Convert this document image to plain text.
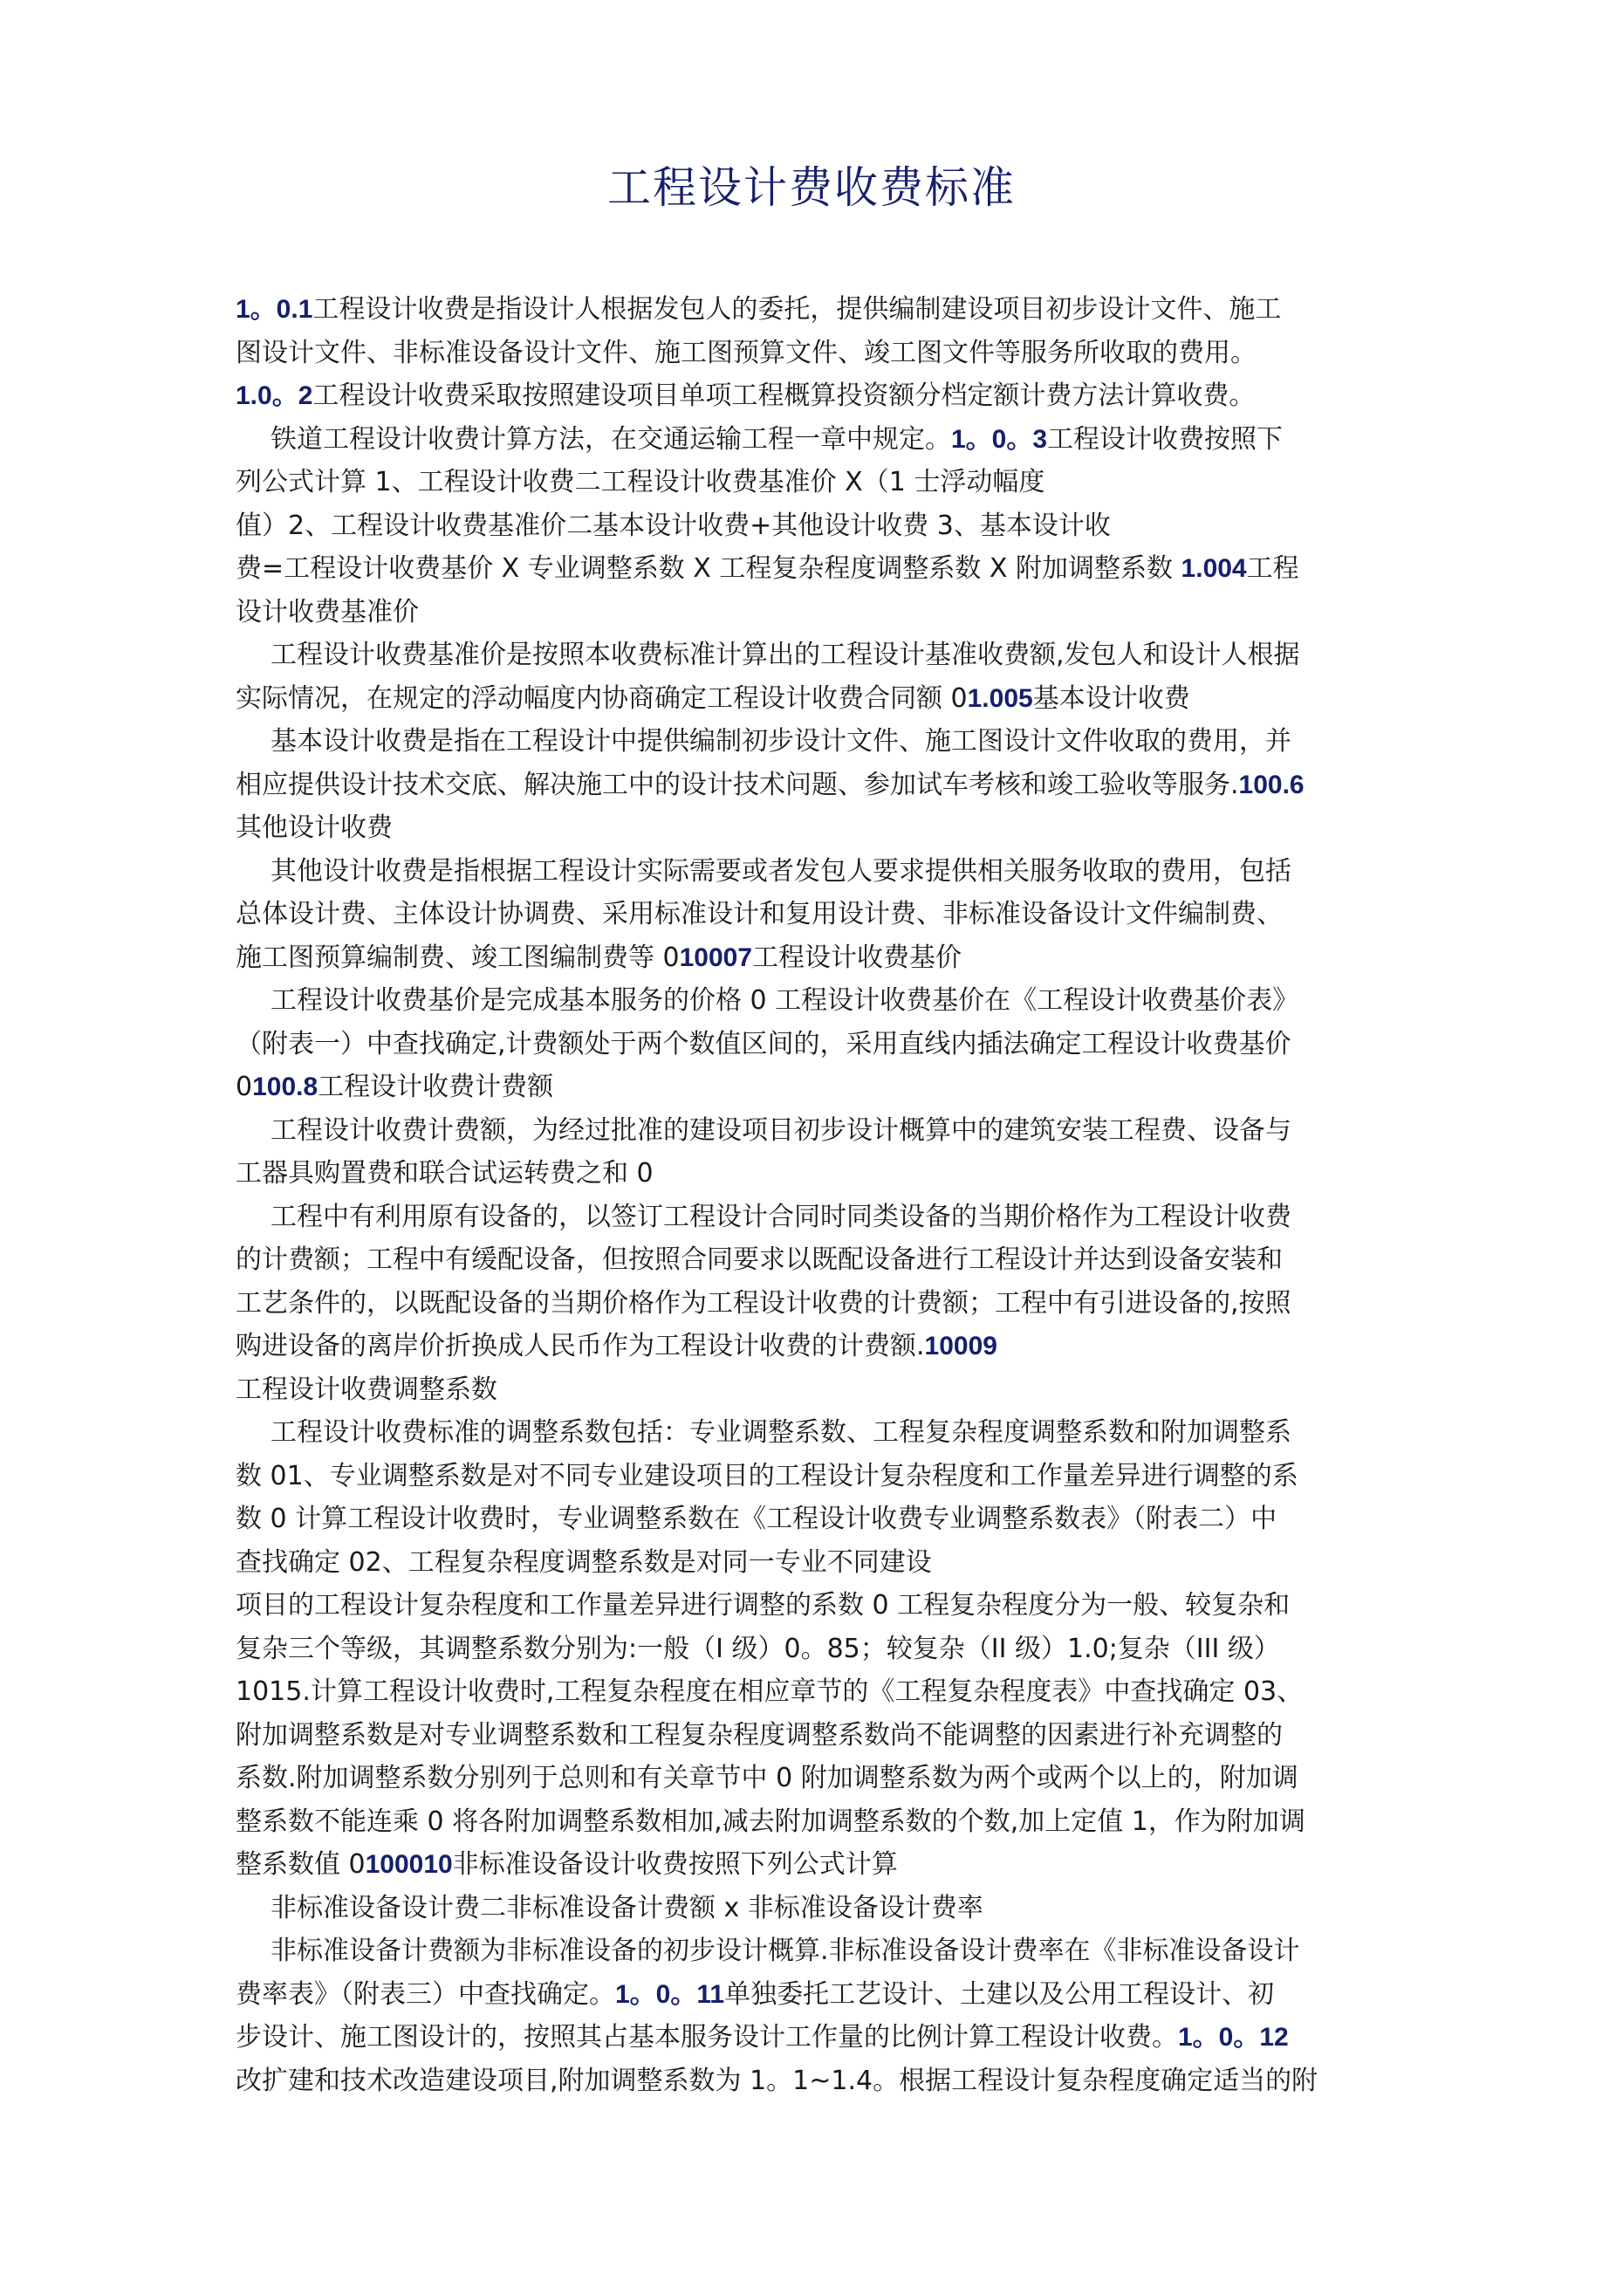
工程设计费收费标准
1。0.1工程设计收费是指设计人根据发包人的委托，提供编制建设项目初步设计文件、施工
图设计文件、非标准设备设计文件、施工图预算文件、竣工图文件等服务所收取的费用。
1.0。2工程设计收费采取按照建设项目单项工程概算投资额分档定额计费方法计算收费。
铁道工程设计收费计算方法，在交通运输工程一章中规定。1。0。3工程设计收费按照下
列公式计算 1、工程设计收费二工程设计收费基准价 X（1 士浮动幅度
值）2、工程设计收费基准价二基本设计收费+其他设计收费 3、基本设计收
费=工程设计收费基价 X 专业调整系数 X 工程复杂程度调整系数 X 附加调整系数 1.004工程
设计收费基准价
工程设计收费基准价是按照本收费标准计算出的工程设计基准收费额,发包人和设计人根据
实际情况，在规定的浮动幅度内协商确定工程设计收费合同额 01.005基本设计收费
基本设计收费是指在工程设计中提供编制初步设计文件、施工图设计文件收取的费用，并
相应提供设计技术交底、解决施工中的设计技术问题、参加试车考核和竣工验收等服务.100.6
其他设计收费
其他设计收费是指根据工程设计实际需要或者发包人要求提供相关服务收取的费用，包括
总体设计费、主体设计协调费、采用标准设计和复用设计费、非标准设备设计文件编制费、
施工图预算编制费、竣工图编制费等 010007工程设计收费基价
工程设计收费基价是完成基本服务的价格 0 工程设计收费基价在《工程设计收费基价表》
（附表一）中查找确定,计费额处于两个数值区间的，采用直线内插法确定工程设计收费基价
0100.8工程设计收费计费额
工程设计收费计费额，为经过批准的建设项目初步设计概算中的建筑安装工程费、设备与
工器具购置费和联合试运转费之和 0
工程中有利用原有设备的，以签订工程设计合同时同类设备的当期价格作为工程设计收费
的计费额；工程中有缓配设备，但按照合同要求以既配设备进行工程设计并达到设备安装和
工艺条件的，以既配设备的当期价格作为工程设计收费的计费额；工程中有引进设备的,按照
购进设备的离岸价折换成人民币作为工程设计收费的计费额.10009
工程设计收费调整系数
工程设计收费标准的调整系数包括：专业调整系数、工程复杂程度调整系数和附加调整系
数 01、专业调整系数是对不同专业建设项目的工程设计复杂程度和工作量差异进行调整的系
数 0 计算工程设计收费时，专业调整系数在《工程设计收费专业调整系数表》（附表二）中
查找确定 02、工程复杂程度调整系数是对同一专业不同建设
项目的工程设计复杂程度和工作量差异进行调整的系数 0 工程复杂程度分为一般、较复杂和
复杂三个等级，其调整系数分别为:一般（I 级）0。85；较复杂（II 级）1.0;复杂（III 级）
1015.计算工程设计收费时,工程复杂程度在相应章节的《工程复杂程度表》中查找确定 03、
附加调整系数是对专业调整系数和工程复杂程度调整系数尚不能调整的因素进行补充调整的
系数.附加调整系数分别列于总则和有关章节中 0 附加调整系数为两个或两个以上的，附加调
整系数不能连乘 0 将各附加调整系数相加,减去附加调整系数的个数,加上定值 1，作为附加调
整系数值 0100010非标准设备设计收费按照下列公式计算
非标准设备设计费二非标准设备计费额 x 非标准设备设计费率
非标准设备计费额为非标准设备的初步设计概算.非标准设备设计费率在《非标准设备设计
费率表》（附表三）中查找确定。1。0。11单独委托工艺设计、土建以及公用工程设计、初
步设计、施工图设计的，按照其占基本服务设计工作量的比例计算工程设计收费。1。0。12
改扩建和技术改造建设项目,附加调整系数为 1。1~1.4。根据工程设计复杂程度确定适当的附
